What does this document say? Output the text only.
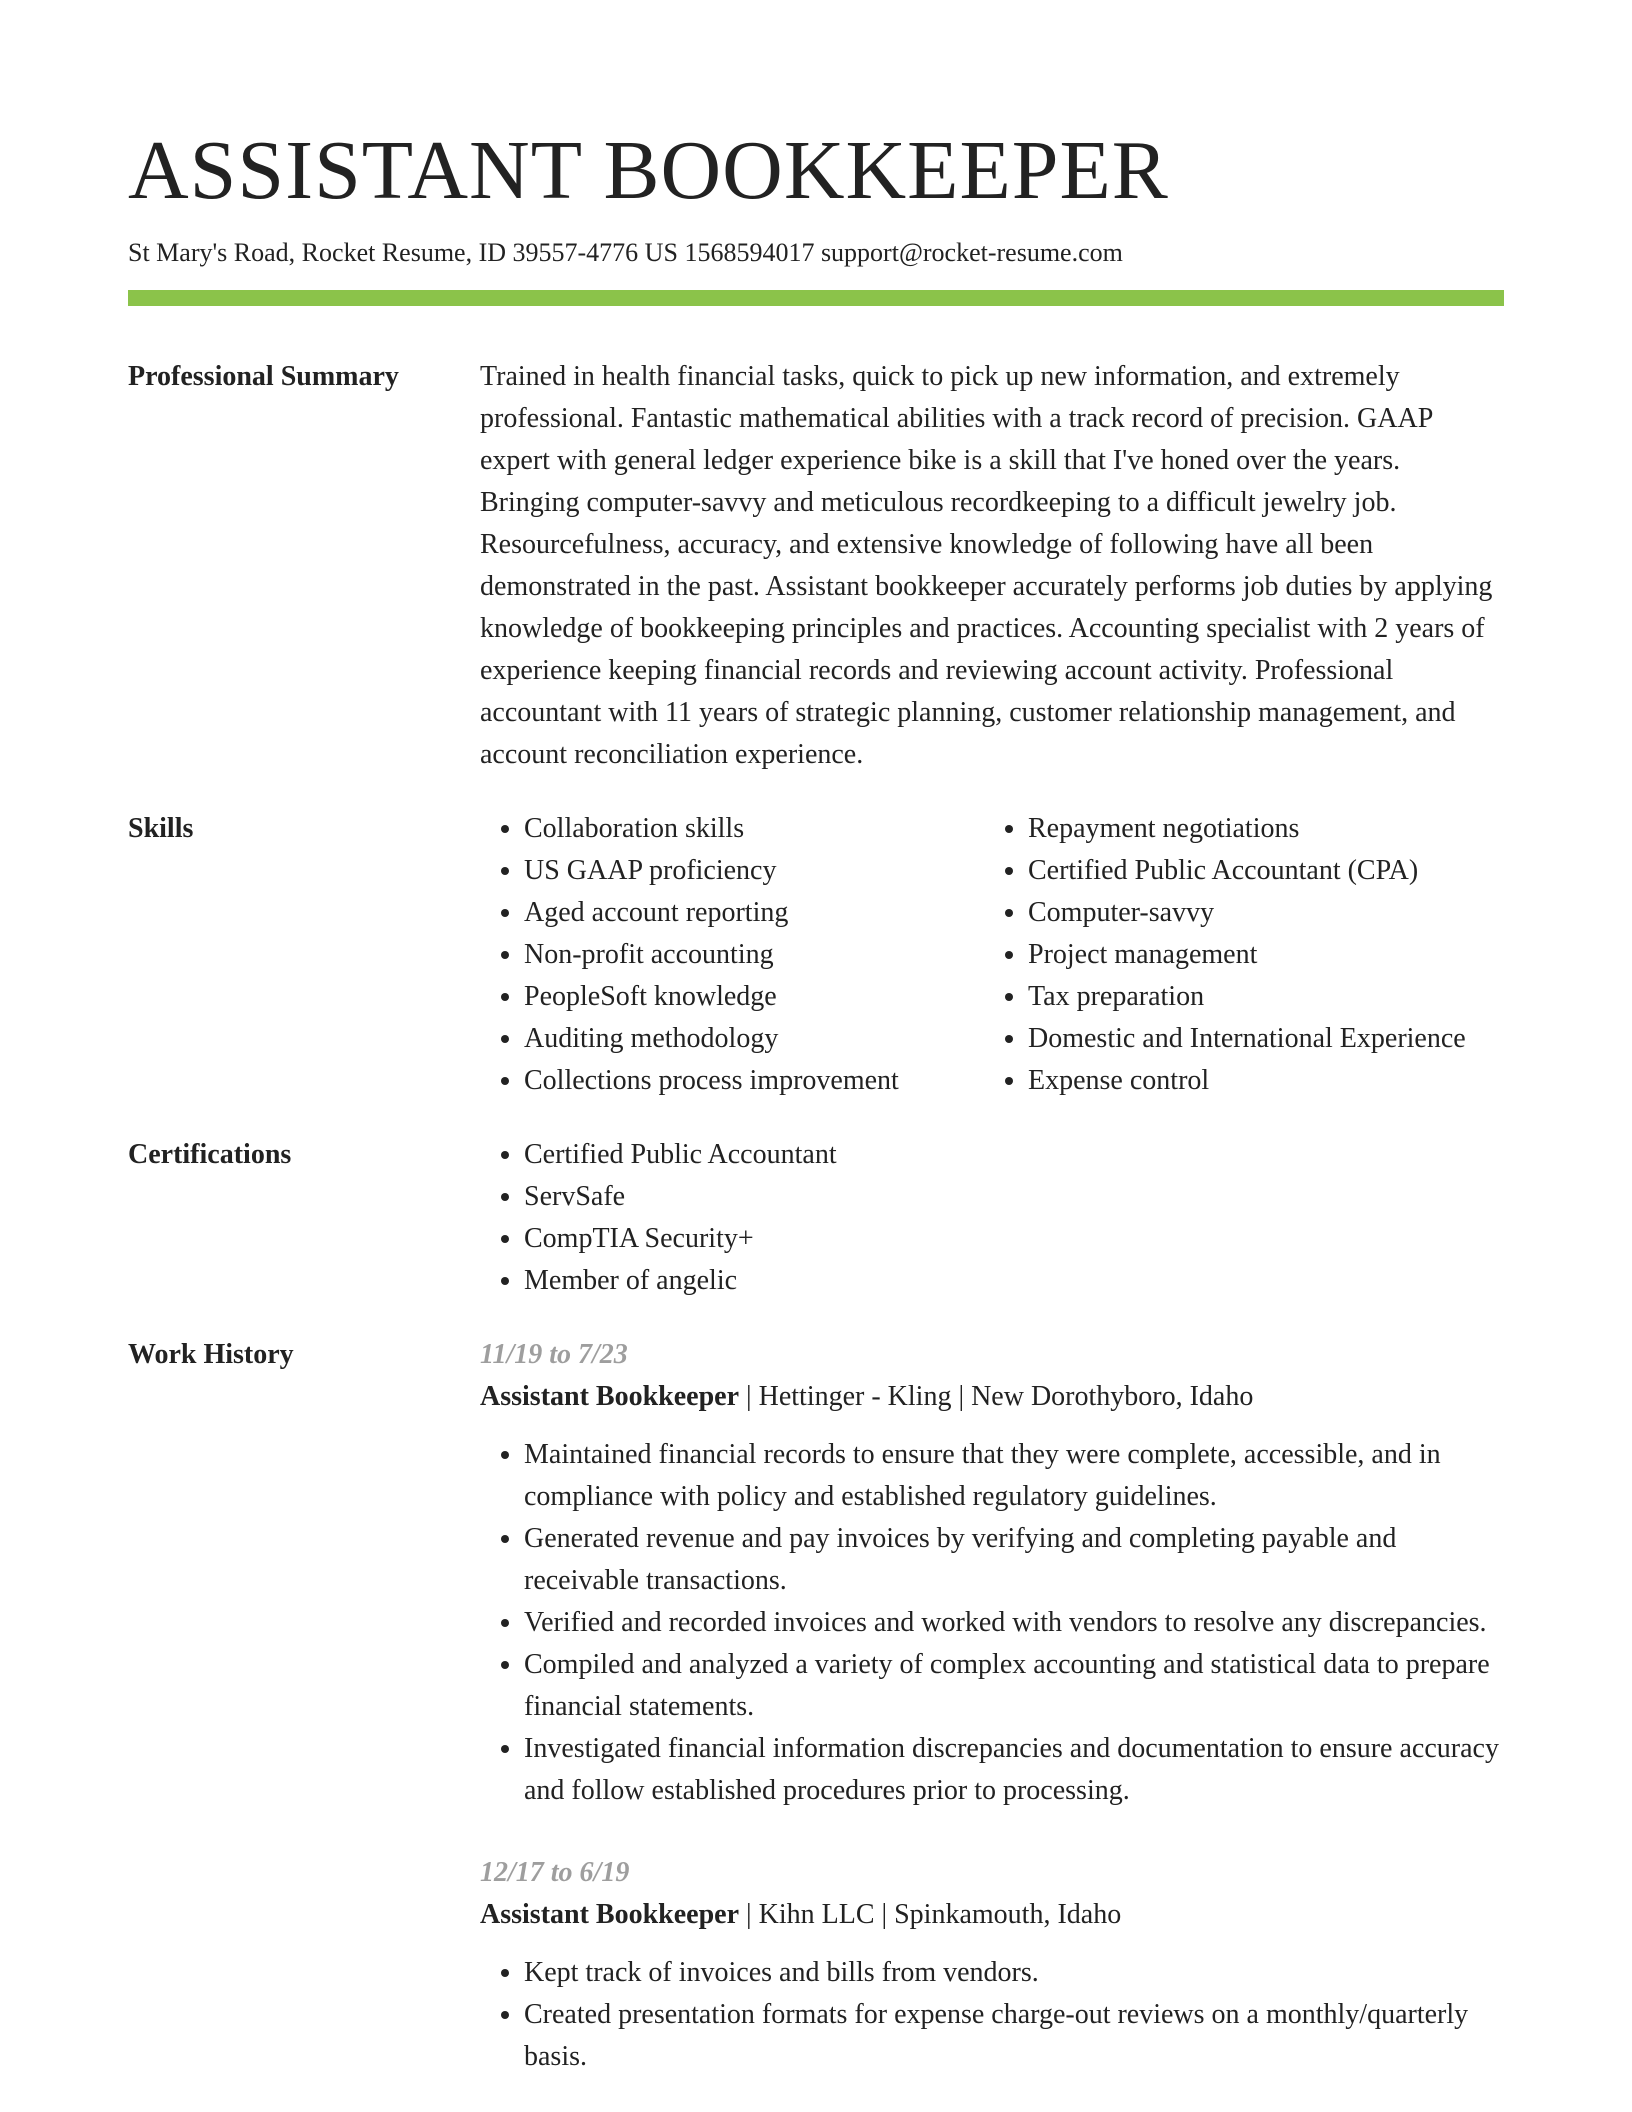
ASSISTANT BOOKKEEPER
St Mary's Road, Rocket Resume, ID 39557-4776 US 1568594017 support@rocket-resume.com
Professional Summary	Trained in health financial tasks, quick to pick up new information, and extremely professional. Fantastic mathematical abilities with a track record of precision. GAAP expert with general ledger experience bike is a skill that I've honed over the years. Bringing computer-savvy and meticulous recordkeeping to a difficult jewelry job. Resourcefulness, accuracy, and extensive knowledge of following have all been demonstrated in the past. Assistant bookkeeper accurately performs job duties by applying knowledge of bookkeeping principles and practices. Accounting specialist with 2 years of experience keeping financial records and reviewing account activity. Professional accountant with 11 years of strategic planning, customer relationship management, and account reconciliation experience.
Skills	• Collaboration skills
• US GAAP proficiency
• Aged account reporting
• Non-profit accounting
• PeopleSoft knowledge
• Auditing methodology
• Collections process improvement
• Repayment negotiations
• Certified Public Accountant (CPA)
• Computer-savvy
• Project management
• Tax preparation
• Domestic and International Experience
• Expense control
Certifications	• Certified Public Accountant
• ServSafe
• CompTIA Security+
• Member of angelic
Work History	11/19 to 7/23
Assistant Bookkeeper | Hettinger - Kling | New Dorothyboro, Idaho
• Maintained financial records to ensure that they were complete, accessible, and in compliance with policy and established regulatory guidelines.
• Generated revenue and pay invoices by verifying and completing payable and receivable transactions.
• Verified and recorded invoices and worked with vendors to resolve any discrepancies.
• Compiled and analyzed a variety of complex accounting and statistical data to prepare financial statements.
• Investigated financial information discrepancies and documentation to ensure accuracy and follow established procedures prior to processing.
12/17 to 6/19
Assistant Bookkeeper | Kihn LLC | Spinkamouth, Idaho
• Kept track of invoices and bills from vendors.
• Created presentation formats for expense charge-out reviews on a monthly/quarterly basis.
